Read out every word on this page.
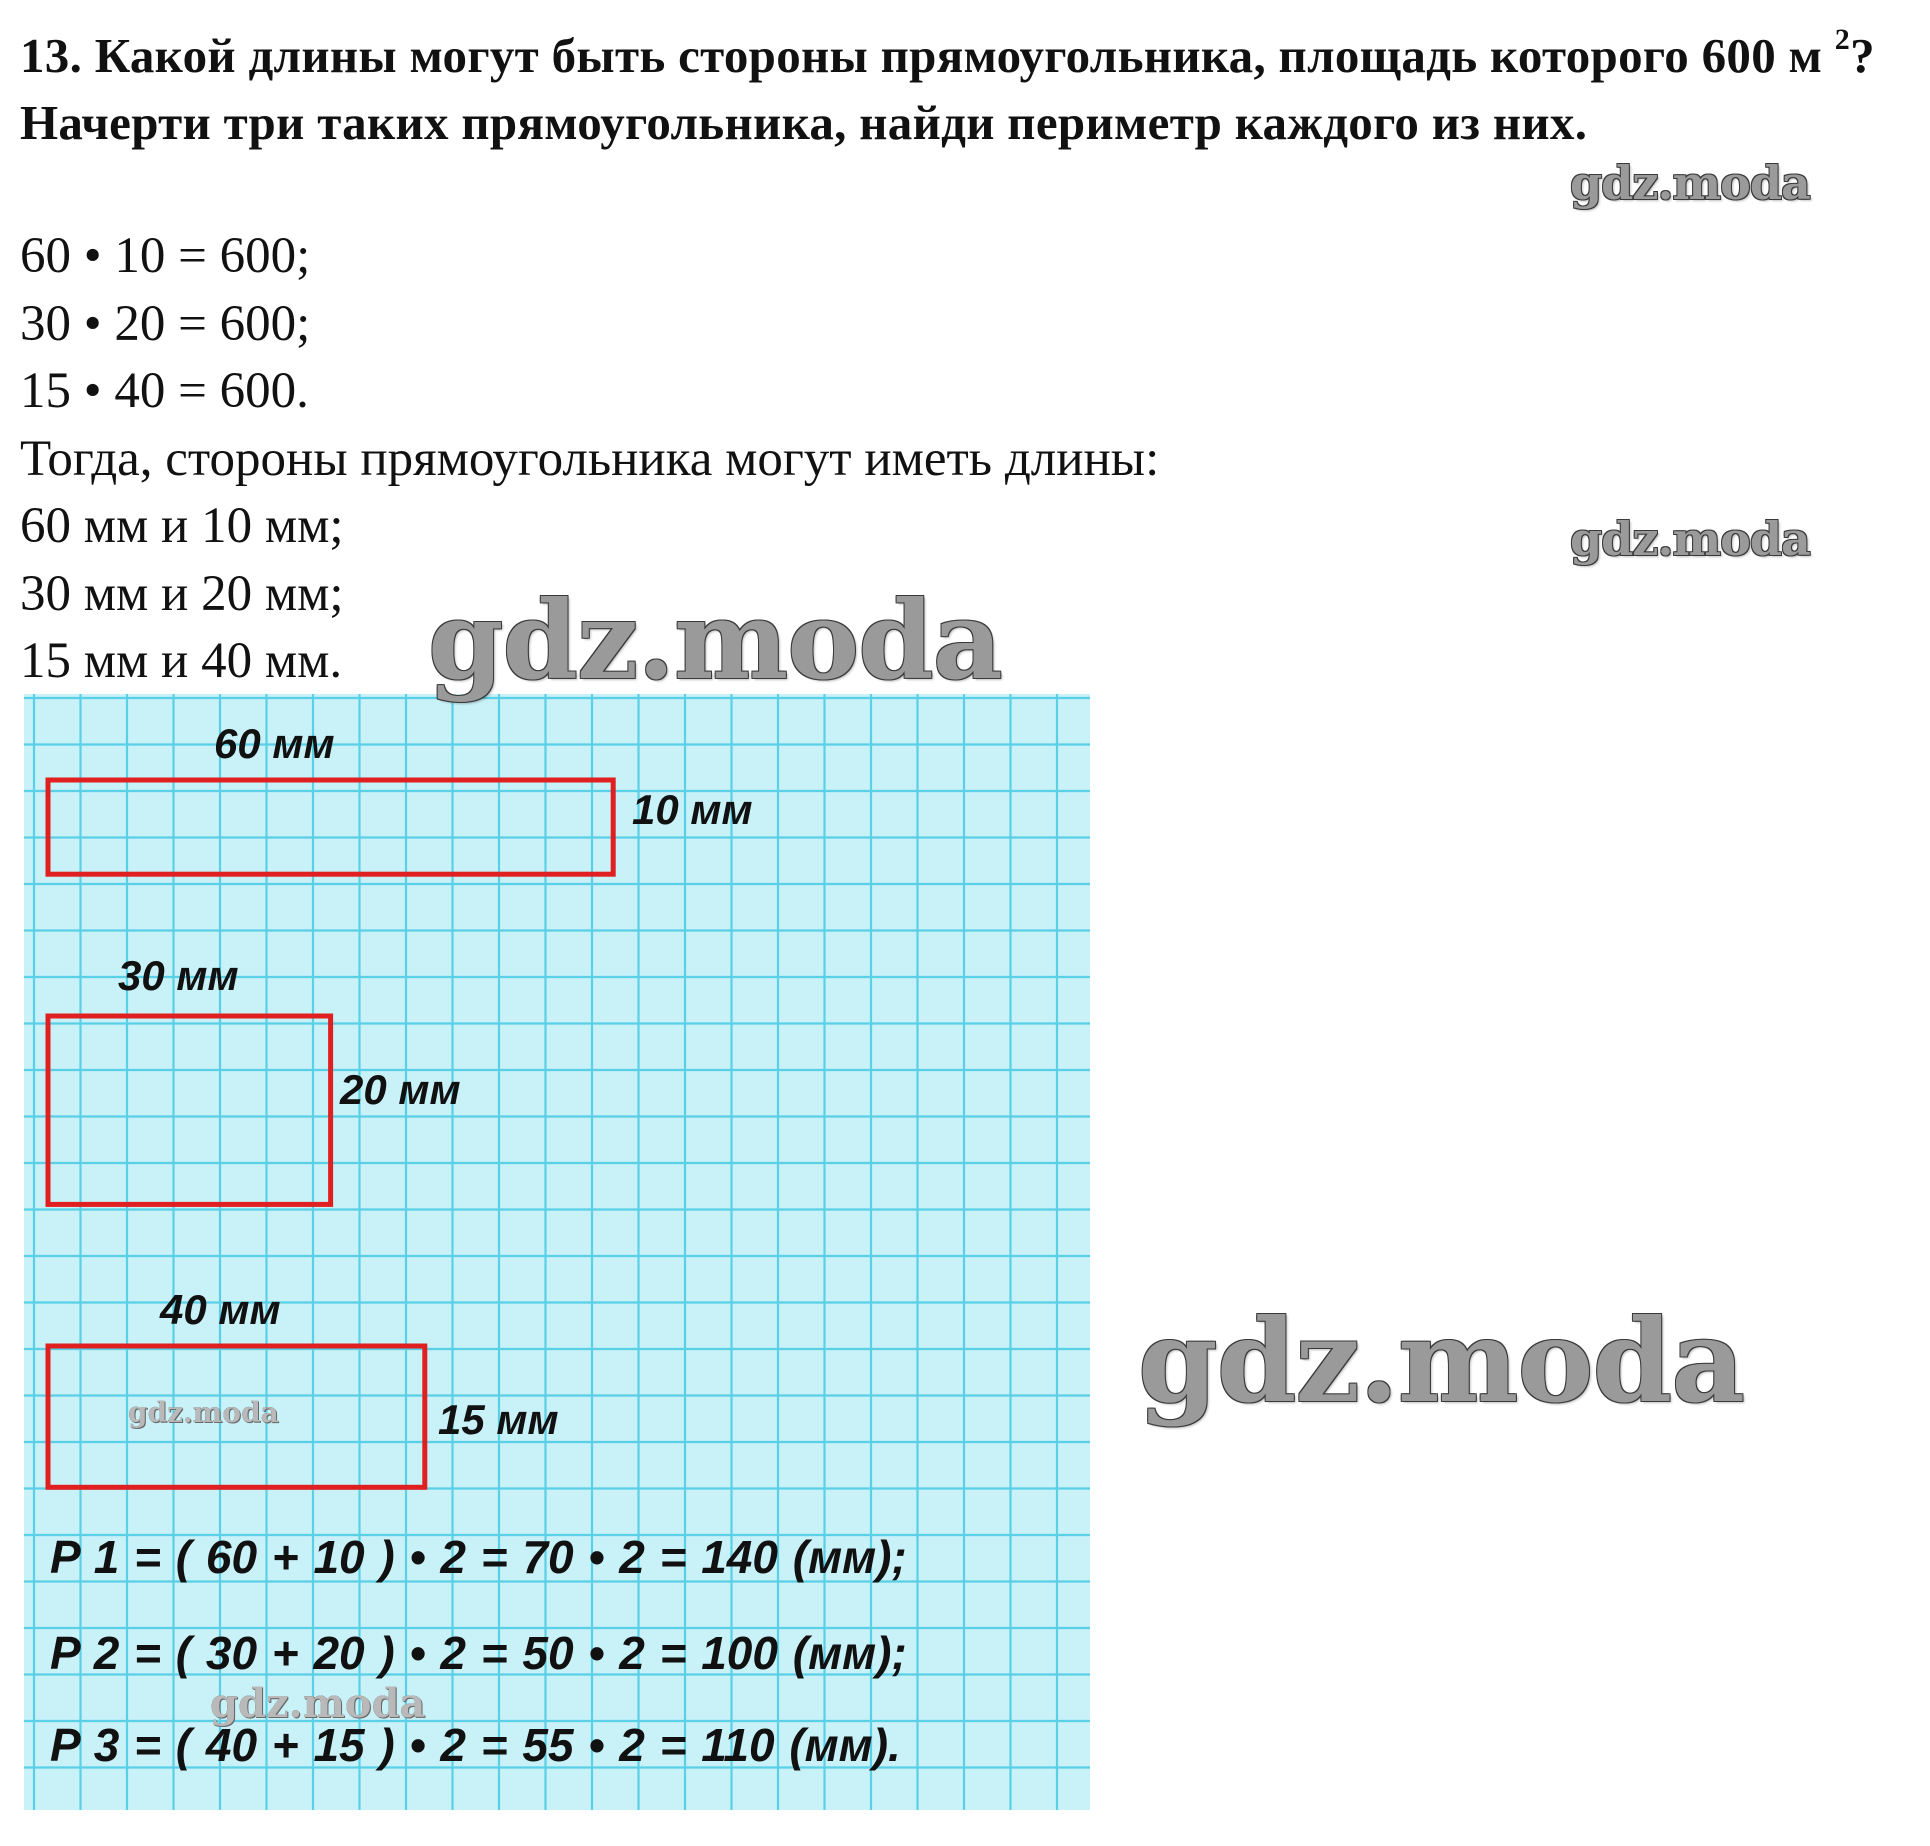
13. Какой длины могут быть стороны прямоугольника, площадь которого 600 м $^2$? Начерти три таких прямоугольника, найди периметр каждого из них.
60 • 10 = 600;
30 • 20 = 600;
15 • 40 = 600.
Тогда, стороны прямоугольника могут иметь длины:
60 мм и 10 мм;
30 мм и 20 мм;
15 мм и 40 мм.
60 мм
10 мм
30 мм
20 мм
40 мм
15 мм
P 1 = ( 60 + 10 ) • 2 = 70 • 2 = 140 (мм);
P 2 = ( 30 + 20 ) • 2 = 50 • 2 = 100 (мм);
P 3 = ( 40 + 15 ) • 2 = 55 • 2 = 110 (мм).
gdz.moda
gdz.moda
gdz.moda
gdz.moda
gdz.moda
gdz.moda
